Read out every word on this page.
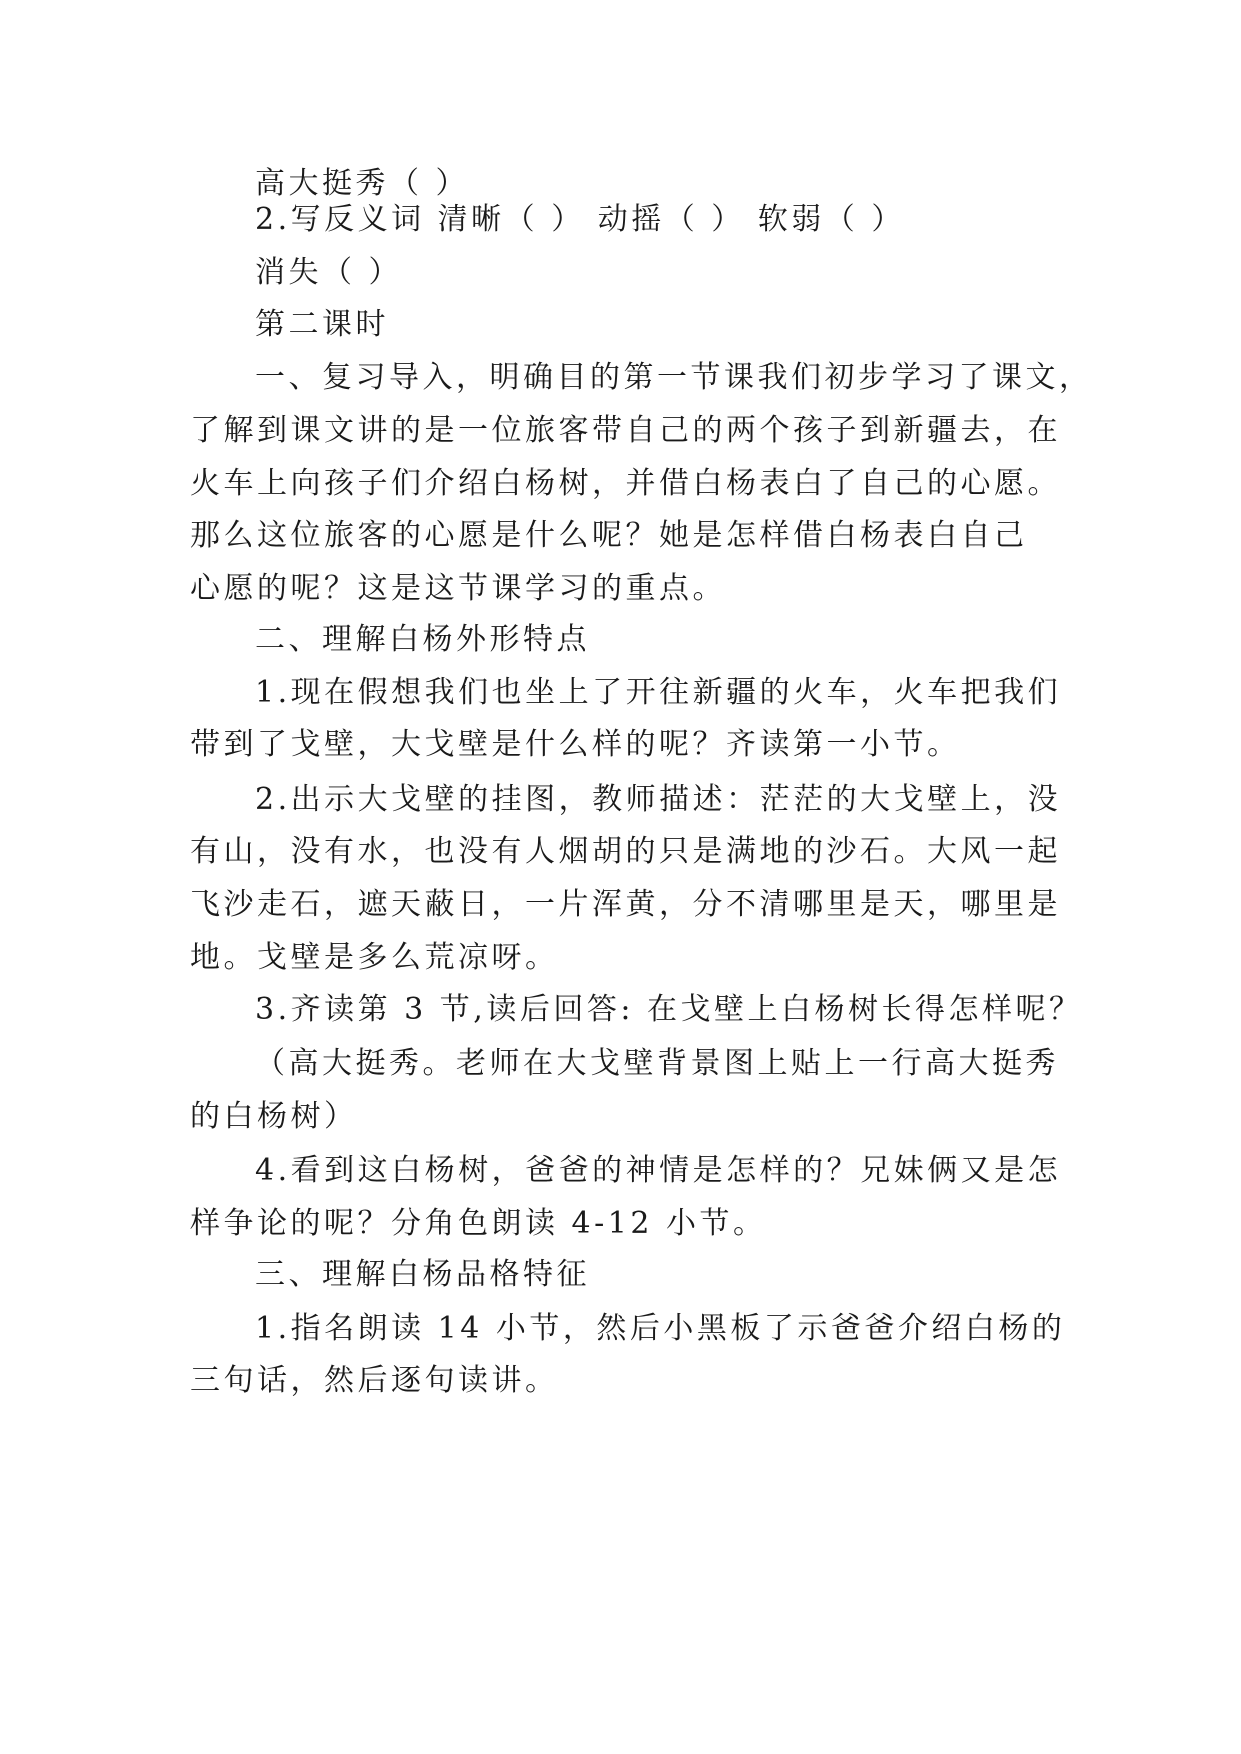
高大挺秀（ ）
2.写反义词 清晰（ ） 动摇（ ） 软弱（ ）
消失（ ）
第二课时
一、复习导入，明确目的第一节课我们初步学习了课文，
了解到课文讲的是一位旅客带自己的两个孩子到新疆去，在
火车上向孩子们介绍白杨树，并借白杨表白了自己的心愿。
那么这位旅客的心愿是什么呢？她是怎样借白杨表白自己
心愿的呢？这是这节课学习的重点。
二、理解白杨外形特点
1.现在假想我们也坐上了开往新疆的火车，火车把我们
带到了戈壁，大戈壁是什么样的呢？齐读第一小节。
2.出示大戈壁的挂图，教师描述：茫茫的大戈壁上，没
有山，没有水，也没有人烟胡的只是满地的沙石。大风一起
飞沙走石，遮天蔽日，一片浑黄，分不清哪里是天，哪里是
地。戈壁是多么荒凉呀。
3.齐读第 3 节,读后回答: 在戈壁上白杨树长得怎样呢？
（高大挺秀。老师在大戈壁背景图上贴上一行高大挺秀
的白杨树）
4.看到这白杨树，爸爸的神情是怎样的？兄妹俩又是怎
样争论的呢？分角色朗读 4-12 小节。
三、理解白杨品格特征
1.指名朗读 14 小节，然后小黑板了示爸爸介绍白杨的
三句话，然后逐句读讲。
